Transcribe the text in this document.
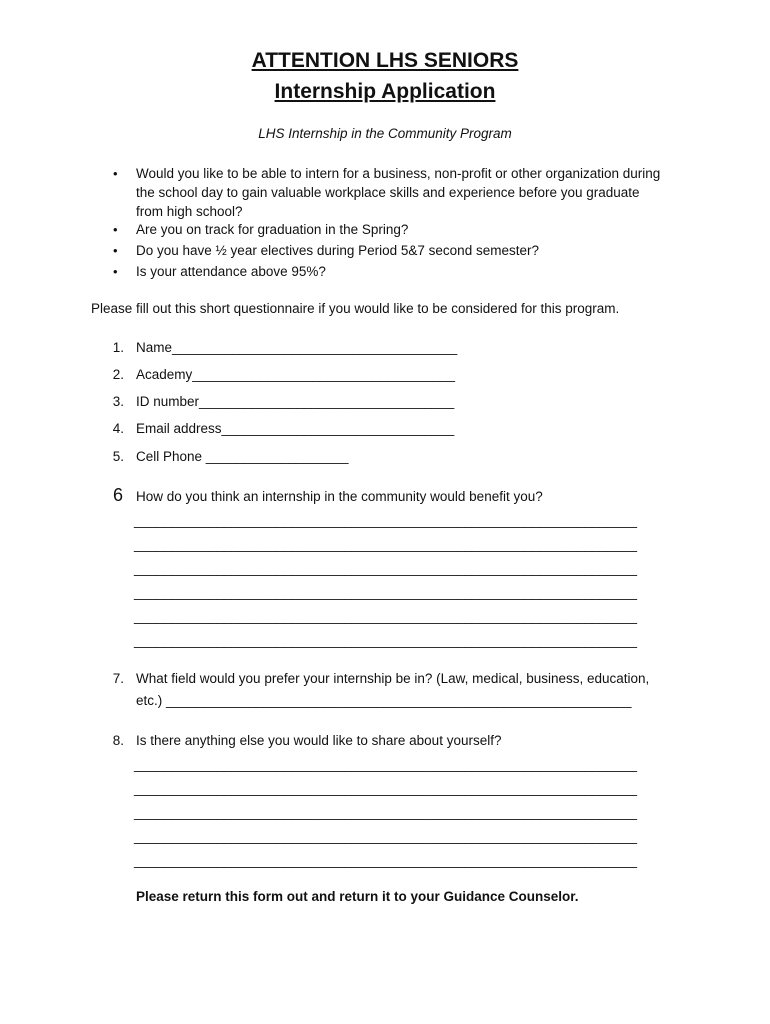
ATTENTION LHS SENIORS
Internship Application
LHS Internship in the Community Program
• Would you like to be able to intern for a business, non-profit or other organization during
the school day to gain valuable workplace skills and experience before you graduate
from high school?
• Are you on track for graduation in the Spring?
• Do you have ½ year electives during Period 5&7 second semester?
• Is your attendance above 95%?
Please fill out this short questionnaire if you would like to be considered for this program.
1. Name______________________________________
2. Academy___________________________________
3. ID number__________________________________
4. Email address_______________________________
5. Cell Phone ___________________
6 How do you think an internship in the community would benefit you?
___________________________________________________________________
___________________________________________________________________
___________________________________________________________________
___________________________________________________________________
___________________________________________________________________
___________________________________________________________________
7. What field would you prefer your internship be in? (Law, medical, business, education,
etc.) ______________________________________________________________
8. Is there anything else you would like to share about yourself?
___________________________________________________________________
___________________________________________________________________
___________________________________________________________________
___________________________________________________________________
___________________________________________________________________
Please return this form out and return it to your Guidance Counselor.
